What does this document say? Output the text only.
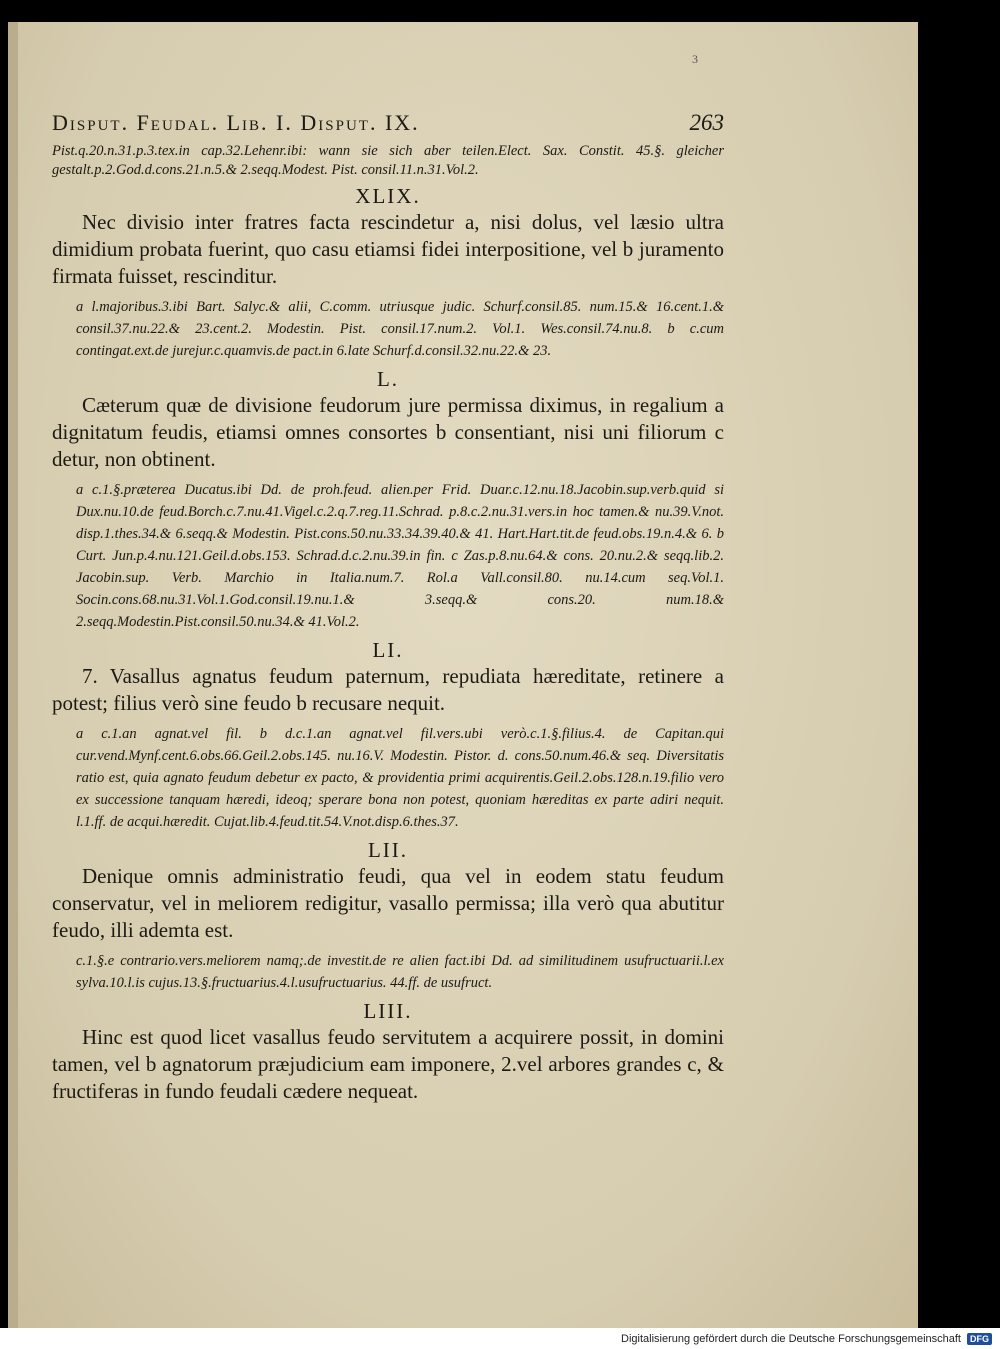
3
Disput. Feudal. Lib. I. Disput. IX.	263
Pist.q.20.n.31.p.3.tex.in cap.32.Lehenr.ibi: wann sie sich aber teilen.Elect. Sax. Constit. 45.§. gleicher gestalt.p.2.God.d.cons.21.n.5.& 2.seqq.Modest. Pist. consil.11.n.31.Vol.2.
XLIX.

Nec divisio inter fratres facta rescindetur a, nisi dolus, vel læsio ultra dimidium probata fuerint, quo casu etiamsi fidei interpositione, vel b juramento firmata fuisset, rescinditur.

a l.majoribus.3.ibi Bart. Salyc.& alii, C.comm. utriusque judic. Schurf.consil.85. num.15.& 16.cent.1.& consil.37.nu.22.& 23.cent.2. Modestin. Pist. consil.17.num.2. Vol.1. Wes.consil.74.nu.8. b c.cum contingat.ext.de jurejur.c.quamvis.de pact.in 6.late Schurf.d.consil.32.nu.22.& 23.

L.

Cæterum quæ de divisione feudorum jure permissa diximus, in regalium a dignitatum feudis, etiamsi omnes consortes b consentiant, nisi uni filiorum c detur, non obtinent.

a c.1.§.præterea Ducatus.ibi Dd. de proh.feud. alien.per Frid. Duar.c.12.nu.18.Jacobin.sup.verb.quid si Dux.nu.10.de feud.Borch.c.7.nu.41.Vigel.c.2.q.7.reg.11.Schrad. p.8.c.2.nu.31.vers.in hoc tamen.& nu.39.V.not. disp.1.thes.34.& 6.seqq.& Modestin. Pist.cons.50.nu.33.34.39.40.& 41. Hart.Hart.tit.de feud.obs.19.n.4.& 6. b Curt. Jun.p.4.nu.121.Geil.d.obs.153. Schrad.d.c.2.nu.39.in fin. c Zas.p.8.nu.64.& cons. 20.nu.2.& seqq.lib.2. Jacobin.sup. Verb. Marchio in Italia.num.7. Rol.a Vall.consil.80. nu.14.cum seq.Vol.1. Socin.cons.68.nu.31.Vol.1.God.consil.19.nu.1.& 3.seqq.& cons.20. num.18.& 2.seqq.Modestin.Pist.consil.50.nu.34.& 41.Vol.2.

LI.

7. Vasallus agnatus feudum paternum, repudiata hæreditate, retinere a potest; filius verò sine feudo b recusare nequit.

a c.1.an agnat.vel fil. b d.c.1.an agnat.vel fil.vers.ubi verò.c.1.§.filius.4. de Capitan.qui cur.vend.Mynf.cent.6.obs.66.Geil.2.obs.145. nu.16.V. Modestin. Pistor. d. cons.50.num.46.& seq. Diversitatis ratio est, quia agnato feudum debetur ex pacto, & providentia primi acquirentis.Geil.2.obs.128.n.19.filio vero ex successione tanquam hæredi, ideoq; sperare bona non potest, quoniam hæreditas ex parte adiri nequit. l.1.ff. de acqui.hæredit. Cujat.lib.4.feud.tit.54.V.not.disp.6.thes.37.

LII.

Denique omnis administratio feudi, qua vel in eodem statu feudum conservatur, vel in meliorem redigitur, vasallo permissa; illa verò qua abutitur feudo, illi ademta est.

c.1.§.e contrario.vers.meliorem namq;.de investit.de re alien fact.ibi Dd. ad similitudinem usufructuarii.l.ex sylva.10.l.is cujus.13.§.fructuarius.4.l.usufructuarius. 44.ff. de usufruct.

LIII.

Hinc est quod licet vasallus feudo servitutem a acquirere possit, in domini tamen, vel b agnatorum præjudicium eam imponere, 2.vel arbores grandes c, & fructiferas in fundo feudali cædere nequeat.

Digitalisierung gefördert durch die Deutsche Forschungsgemeinschaft	DFG
